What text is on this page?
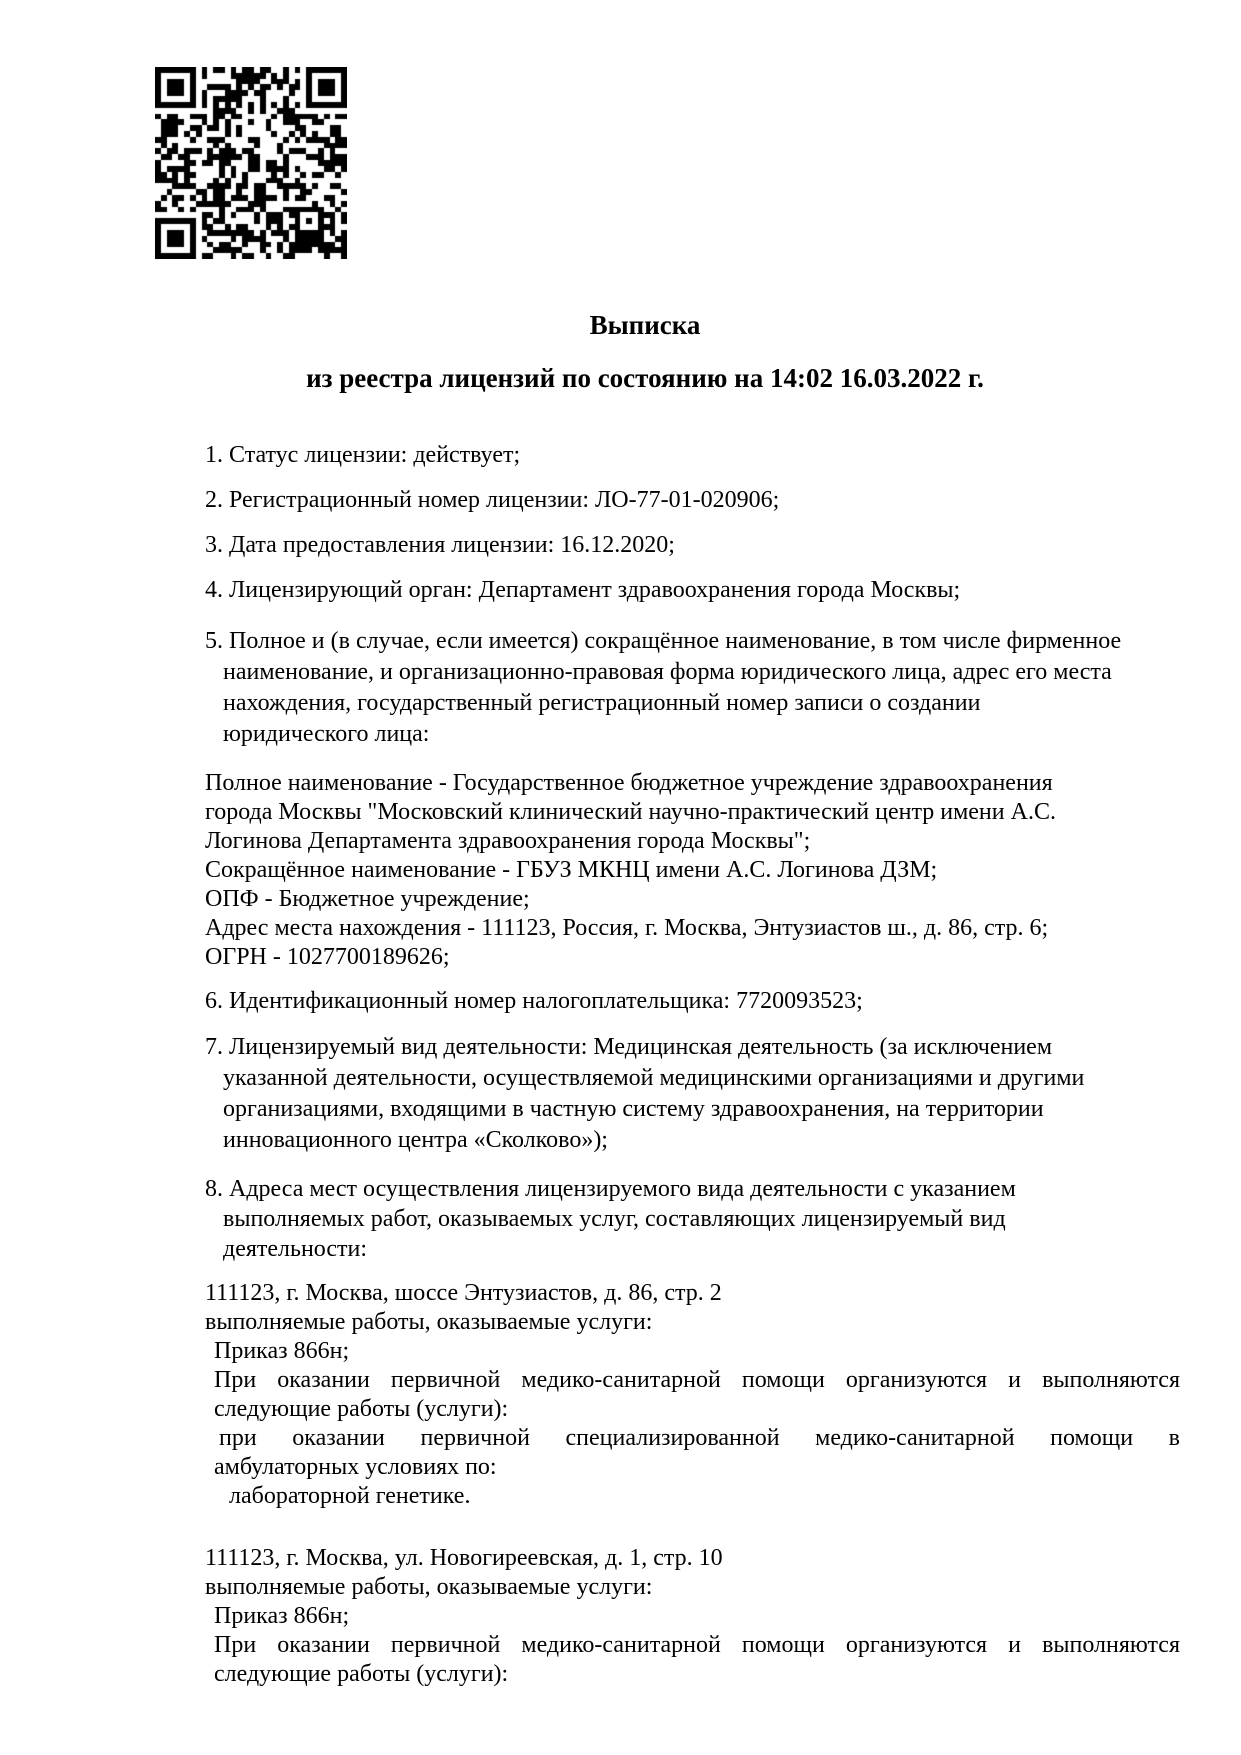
Выписка
из реестра лицензий по состоянию на 14:02 16.03.2022 г.
1. Статус лицензии: действует;
2. Регистрационный номер лицензии: ЛО-77-01-020906;
3. Дата предоставления лицензии: 16.12.2020;
4. Лицензирующий орган: Департамент здравоохранения города Москвы;
5. Полное и (в случае, если имеется) сокращённое наименование, в том числе фирменное
наименование, и организационно-правовая форма юридического лица, адрес его места
нахождения, государственный регистрационный номер записи о создании
юридического лица:
Полное наименование - Государственное бюджетное учреждение здравоохранения
города Москвы "Московский клинический научно-практический центр имени А.С.
Логинова Департамента здравоохранения города Москвы";
Сокращённое наименование - ГБУЗ МКНЦ имени А.С. Логинова ДЗМ;
ОПФ - Бюджетное учреждение;
Адрес места нахождения - 111123, Россия, г. Москва, Энтузиастов ш., д. 86, стр. 6;
ОГРН - 1027700189626;
6. Идентификационный номер налогоплательщика: 7720093523;
7. Лицензируемый вид деятельности: Медицинская деятельность (за исключением
указанной деятельности, осуществляемой медицинскими организациями и другими
организациями, входящими в частную систему здравоохранения, на территории
инновационного центра «Сколково»);
8. Адреса мест осуществления лицензируемого вида деятельности с указанием
выполняемых работ, оказываемых услуг, составляющих лицензируемый вид
деятельности:
111123, г. Москва, шоссе Энтузиастов, д. 86, стр. 2
выполняемые работы, оказываемые услуги:
Приказ 866н;
При оказании первичной медико-санитарной помощи организуются и выполняются
следующие работы (услуги):
при оказании первичной специализированной медико-санитарной помощи в
амбулаторных условиях по:
лабораторной генетике.
111123, г. Москва, ул. Новогиреевская, д. 1, стр. 10
выполняемые работы, оказываемые услуги:
Приказ 866н;
При оказании первичной медико-санитарной помощи организуются и выполняются
следующие работы (услуги):
